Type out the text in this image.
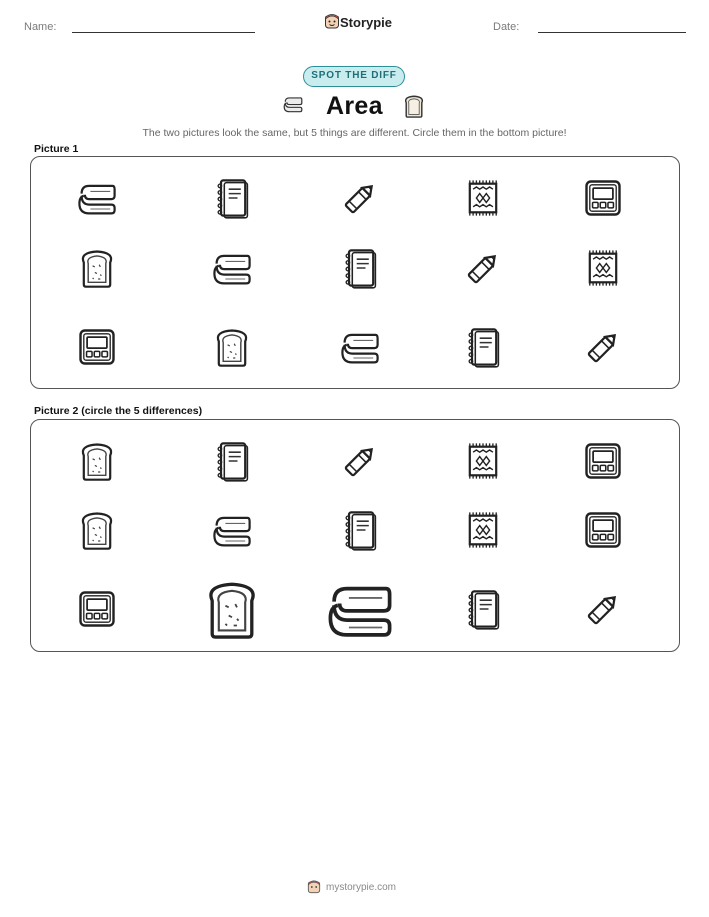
Name:	Storypie	Date:
SPOT THE DIFF
Area
The two pictures look the same, but 5 things are different. Circle them in the bottom picture!
Picture 1
Picture 2 (circle the 5 differences)
mystorypie.com
